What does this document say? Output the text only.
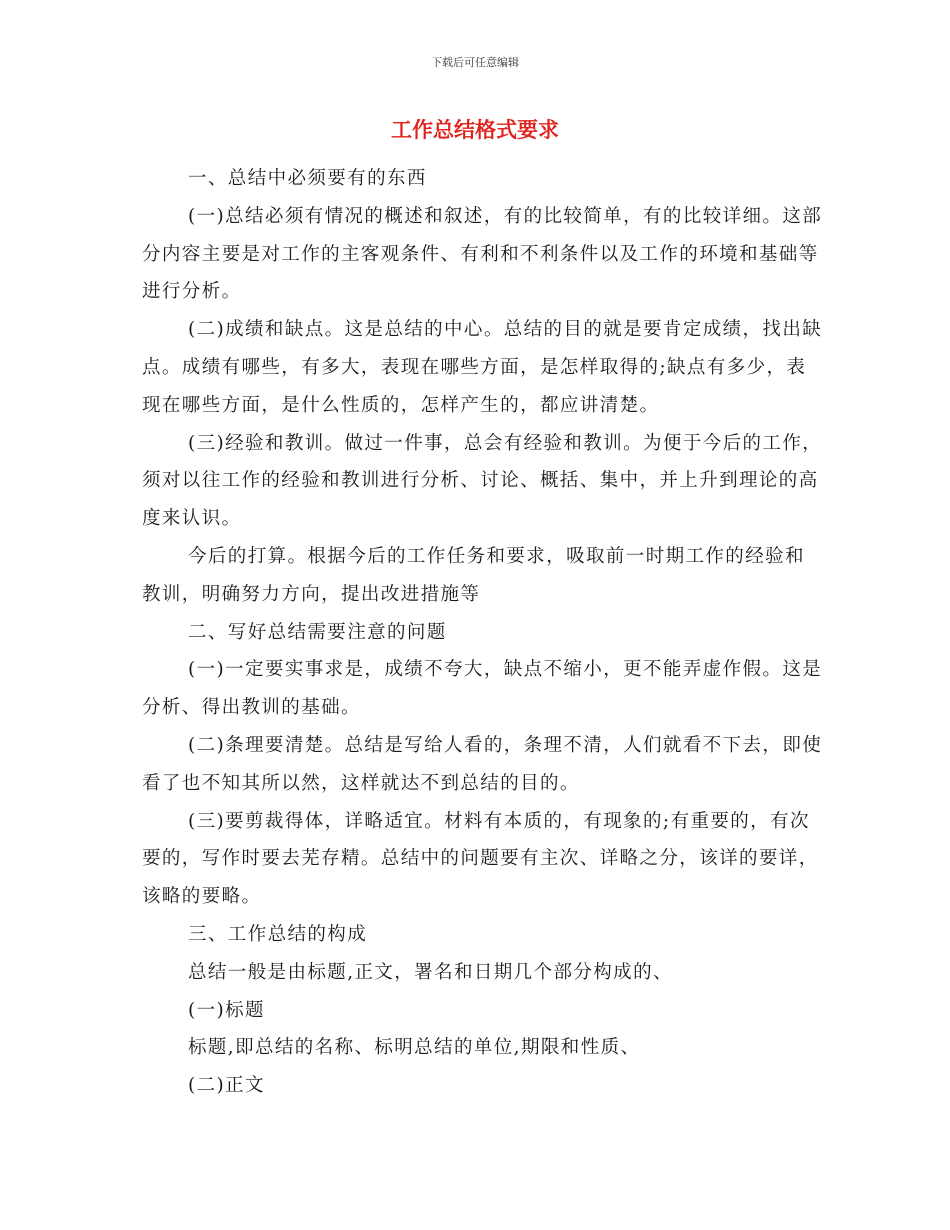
下载后可任意编辑
工作总结格式要求

一、总结中必须要有的东西

(一)总结必须有情况的概述和叙述，有的比较简单，有的比较详细。这部分内容主要是对工作的主客观条件、有利和不利条件以及工作的环境和基础等进行分析。

(二)成绩和缺点。这是总结的中心。总结的目的就是要肯定成绩，找出缺点。成绩有哪些，有多大，表现在哪些方面，是怎样取得的;缺点有多少，表现在哪些方面，是什么性质的，怎样产生的，都应讲清楚。

(三)经验和教训。做过一件事，总会有经验和教训。为便于今后的工作，须对以往工作的经验和教训进行分析、讨论、概括、集中，并上升到理论的高度来认识。

今后的打算。根据今后的工作任务和要求，吸取前一时期工作的经验和教训，明确努力方向，提出改进措施等

二、写好总结需要注意的问题

(一)一定要实事求是，成绩不夸大，缺点不缩小，更不能弄虚作假。这是分析、得出教训的基础。

(二)条理要清楚。总结是写给人看的，条理不清，人们就看不下去，即使看了也不知其所以然，这样就达不到总结的目的。

(三)要剪裁得体，详略适宜。材料有本质的，有现象的;有重要的，有次要的，写作时要去芜存精。总结中的问题要有主次、详略之分，该详的要详，该略的要略。

三、工作总结的构成

总结一般是由标题,正文，署名和日期几个部分构成的、

(一)标题

标题,即总结的名称、标明总结的单位,期限和性质、

(二)正文
